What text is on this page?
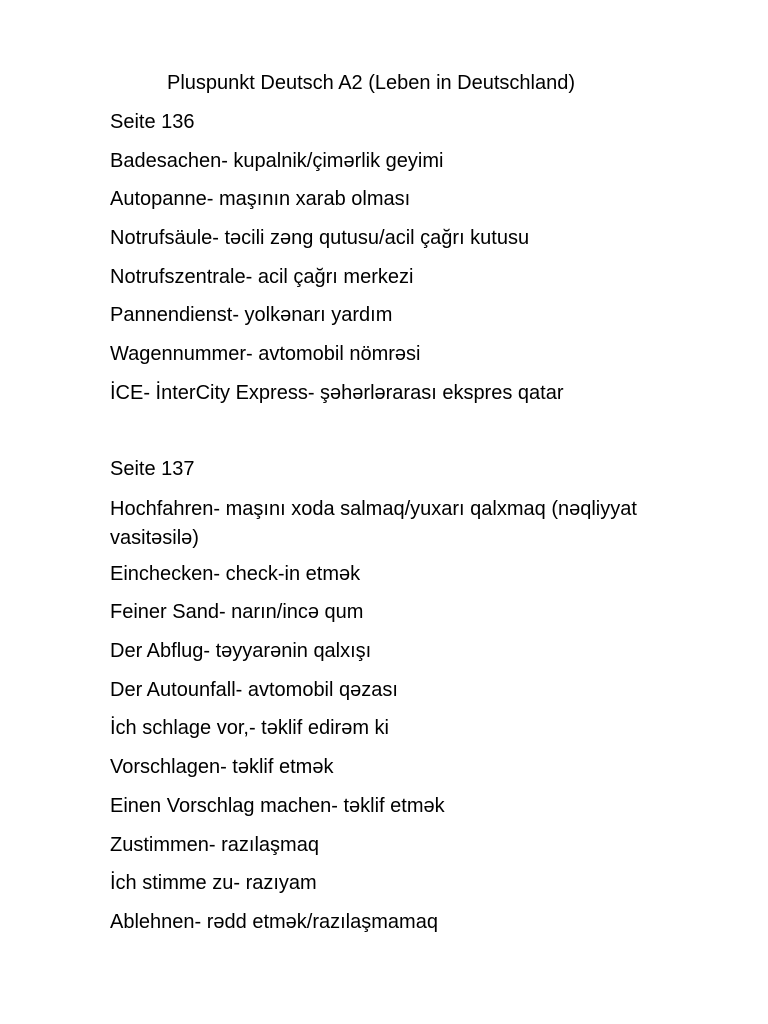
Pluspunkt Deutsch A2 (Leben in Deutschland)
Seite 136
Badesachen- kupalnik/çimərlik geyimi
Autopanne- maşının xarab olması
Notrufsäule- təcili zəng qutusu/acil çağrı kutusu
Notrufszentrale- acil çağrı merkezi
Pannendienst- yolkənarı yardım
Wagennummer- avtomobil nömrəsi
İCE- İnterCity Express- şəhərlərarası ekspres qatar
Seite 137
Hochfahren- maşını xoda salmaq/yuxarı qalxmaq (nəqliyyat vasitəsilə)
Einchecken- check-in etmək
Feiner Sand- narın/incə qum
Der Abflug- təyyarənin qalxışı
Der Autounfall- avtomobil qəzası
İch schlage vor,- təklif edirəm ki
Vorschlagen- təklif etmək
Einen Vorschlag machen- təklif etmək
Zustimmen- razılaşmaq
İch stimme zu- razıyam
Ablehnen- rədd etmək/razılaşmamaq
